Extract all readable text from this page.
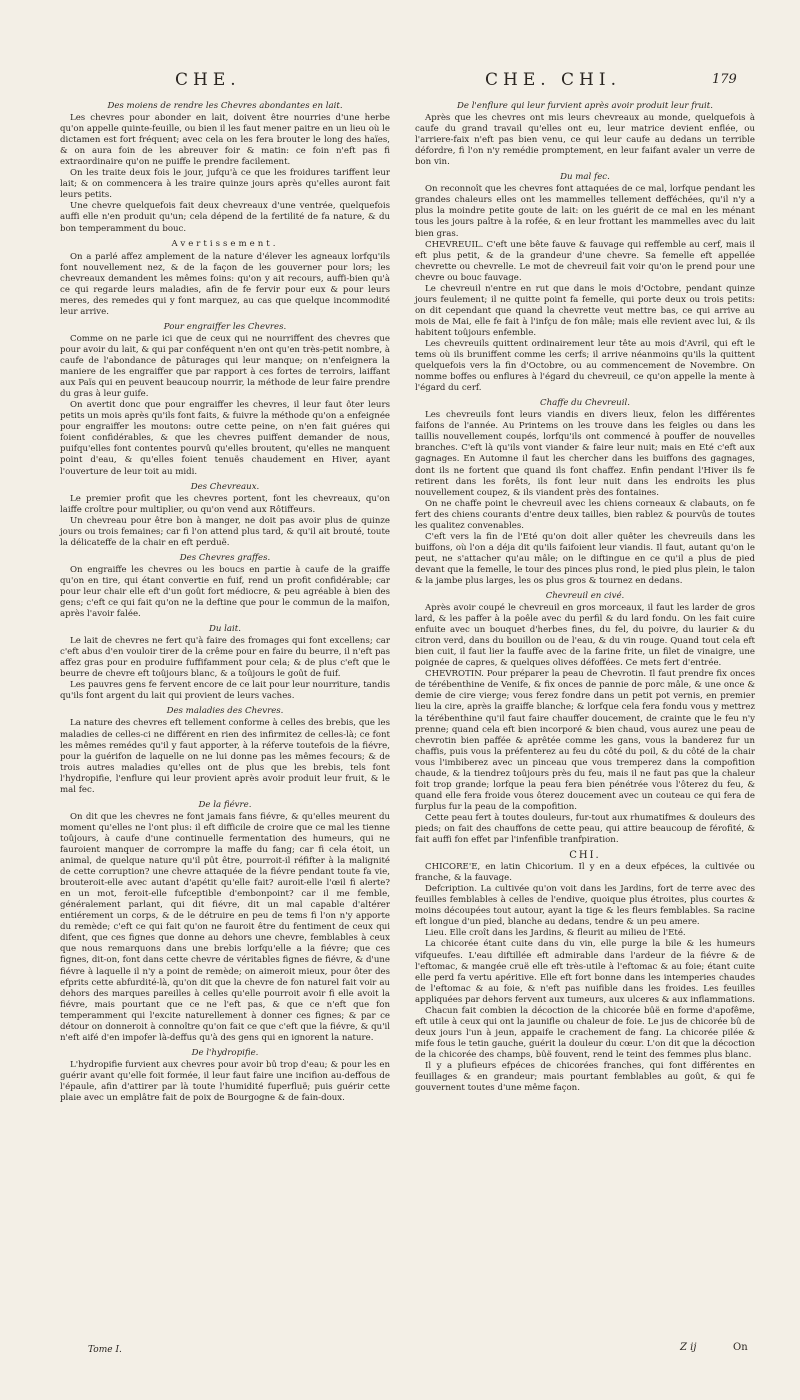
CHE.	CHE. CHI.	179

Des moiens de rendre les Chevres abondantes en lait.

Les chevres pour abonder en lait, doivent être nourries d'une herbe qu'on appelle quinte-feuille, ou bien il les faut mener paitre en un lieu où le dictamen est fort fréquent; avec cela on les fera brouter le long des haïes, & on aura foin de les abreuver foir & matin: ce foin n'eft pas fi extraordinaire qu'on ne puiffe le prendre facilement.

On les traite deux fois le jour, jufqu'à ce que les froidures tariffent leur lait; & on commencera à les traire quinze jours après qu'elles auront fait leurs petits.

Une chevre quelquefois fait deux chevreaux d'une ventrée, quelquefois auffi elle n'en produit qu'un; cela dépend de la fertilité de fa nature, & du bon temperamment du bouc.

Avertissement.

On a parlé affez amplement de la nature d'élever les agneaux lorfqu'ils font nouvellement nez, & de la façon de les gouverner pour lors; les chevreaux demandent les mêmes foins: qu'on y ait recours, auffi-bien qu'à ce qui regarde leurs maladies, afin de fe fervir pour eux & pour leurs meres, des remedes qui y font marquez, au cas que quelque incommodité leur arrive.

Pour engraiffer les Chevres.

Comme on ne parle ici que de ceux qui ne nourriffent des chevres que pour avoir du lait, & qui par conféquent n'en ont qu'en très-petit nombre, à caufe de l'abondance de pâturages qui leur manque; on n'enfeignera la maniere de les engraiffer que par rapport à ces fortes de terroirs, laiffant aux Païs qui en peuvent beaucoup nourrir, la méthode de leur faire prendre du gras à leur guife.

On avertit donc que pour engraiffer les chevres, il leur faut ôter leurs petits un mois après qu'ils font faits, & fuivre la méthode qu'on a enfeignée pour engraiffer les moutons: outre cette peine, on n'en fait guéres qui foient confidérables, & que les chevres puiffent demander de nous, puifqu'elles font contentes pourvû qu'elles broutent, qu'elles ne manquent point d'eau, & qu'elles foient tenuës chaudement en Hiver, ayant l'ouverture de leur toit au midi.

Des Chevreaux.

Le premier profit que les chevres portent, font les chevreaux, qu'on laiffe croître pour multiplier, ou qu'on vend aux Rôtiffeurs.

Un chevreau pour être bon à manger, ne doit pas avoir plus de quinze jours ou trois femaines; car fi l'on attend plus tard, & qu'il ait brouté, toute la délicateffe de la chair en eft perduë.

Des Chevres graffes.

On engraiffe les chevres ou les boucs en partie à caufe de la graiffe qu'on en tire, qui étant convertie en fuif, rend un profit confidérable; car pour leur chair elle eft d'un goût fort médiocre, & peu agréable à bien des gens; c'eft ce qui fait qu'on ne la deftine que pour le commun de la maifon, après l'avoir falée.

Du lait.

Le lait de chevres ne fert qu'à faire des fromages qui font excellens; car c'eft abus d'en vouloir tirer de la crême pour en faire du beurre, il n'eft pas affez gras pour en produire fuffifamment pour cela; & de plus c'eft que le beurre de chevre eft toûjours blanc, & a toûjours le goût de fuif.

Les pauvres gens fe fervent encore de ce lait pour leur nourriture, tandis qu'ils font argent du lait qui provient de leurs vaches.

Des maladies des Chevres.

La nature des chevres eft tellement conforme à celles des brebis, que les maladies de celles-ci ne différent en rien des infirmitez de celles-là; ce font les mêmes remédes qu'il y faut apporter, à la réferve toutefois de la fiévre, pour la guérifon de laquelle on ne lui donne pas les mêmes fecours; & de trois autres maladies qu'elles ont de plus que les brebis, tels font l'hydropifie, l'enflure qui leur provient après avoir produit leur fruit, & le mal fec.

De la fiévre.

On dit que les chevres ne font jamais fans fiévre, & qu'elles meurent du moment qu'elles ne l'ont plus: il eft difficile de croire que ce mal les tienne toûjours, à caufe d'une continuelle fermentation des humeurs, qui ne fauroient manquer de corrompre la maffe du fang; car fi cela étoit, un animal, de quelque nature qu'il pût être, pourroit-il réfifter à la malignité de cette corruption? une chevre attaquée de la fiévre pendant toute fa vie, brouteroit-elle avec autant d'apétit qu'elle fait? auroit-elle l'œil fi alerte? en un mot, feroit-elle fufceptible d'embonpoint? car il me femble, généralement parlant, qui dit fiévre, dit un mal capable d'altérer entiérement un corps, & de le détruire en peu de tems fi l'on n'y apporte du remède; c'eft ce qui fait qu'on ne fauroit être du fentiment de ceux qui difent, que ces fignes que donne au dehors une chevre, femblables à ceux que nous remarquons dans une brebis lorfqu'elle a la fiévre; que ces fignes, dit-on, font dans cette chevre de véritables fignes de fiévre, & d'une fiévre à laquelle il n'y a point de remède; on aimeroit mieux, pour ôter des efprits cette abfurdité-là, qu'on dit que la chevre de fon naturel fait voir au dehors des marques pareilles à celles qu'elle pourroit avoir fi elle avoit la fiévre, mais pourtant que ce ne l'eft pas, & que ce n'eft que fon temperamment qui l'excite naturellement à donner ces fignes; & par ce détour on donneroit à connoître qu'on fait ce que c'eft que la fiévre, & qu'il n'eft aifé d'en impofer là-deffus qu'à des gens qui en ignorent la nature.

De l'hydropifie.

L'hydropifie furvient aux chevres pour avoir bû trop d'eau; & pour les en guérir avant qu'elle foit formée, il leur faut faire une incifion au-deffous de l'épaule, afin d'attirer par là toute l'humidité fuperfluë; puis guérir cette plaie avec un emplâtre fait de poix de Bourgogne & de fain-doux.

De l'enflure qui leur furvient après avoir produit leur fruit.

Après que les chevres ont mis leurs chevreaux au monde, quelquefois à caufe du grand travail qu'elles ont eu, leur matrice devient enflée, ou l'arriere-faix n'eft pas bien venu, ce qui leur caufe au dedans un terrible défordre, fi l'on n'y remédie promptement, en leur faifant avaler un verre de bon vin.

Du mal fec.

On reconnoît que les chevres font attaquées de ce mal, lorfque pendant les grandes chaleurs elles ont les mammelles tellement defféchées, qu'il n'y a plus la moindre petite goute de lait: on les guérit de ce mal en les ménant tous les jours paître à la rofée, & en leur frottant les mammelles avec du lait bien gras.

CHEVREUIL. C'eft une bête fauve & fauvage qui reffemble au cerf, mais il eft plus petit, & de la grandeur d'une chevre. Sa femelle eft appellée chevrette ou chevrelle. Le mot de chevreuil fait voir qu'on le prend pour une chevre ou bouc fauvage.

Le chevreuil n'entre en rut que dans le mois d'Octobre, pendant quinze jours feulement; il ne quitte point fa femelle, qui porte deux ou trois petits: on dit cependant que quand la chevrette veut mettre bas, ce qui arrive au mois de Mai, elle fe fait à l'infçu de fon mâle; mais elle revient avec lui, & ils habitent toûjours enfemble.

Les chevreuils quittent ordinairement leur tête au mois d'Avril, qui eft le tems où ils bruniffent comme les cerfs; il arrive néanmoins qu'ils la quittent quelquefois vers la fin d'Octobre, ou au commencement de Novembre. On nomme boffes ou enflures à l'égard du chevreuil, ce qu'on appelle la mente à l'égard du cerf.

Chaffe du Chevreuil.

Les chevreuils font leurs viandis en divers lieux, felon les différentes faifons de l'année. Au Printems on les trouve dans les feigles ou dans les taillis nouvellement coupés, lorfqu'ils ont commencé à pouffer de nouvelles branches. C'eft là qu'ils vont viander & faire leur nuit; mais en Eté c'eft aux gagnages. En Automne il faut les chercher dans les buiffons des gagnages, dont ils ne fortent que quand ils font chaffez. Enfin pendant l'Hiver ils fe retirent dans les forêts, ils font leur nuit dans les endroits les plus nouvellement coupez, & ils viandent près des fontaines.

On ne chaffe point le chevreuil avec les chiens corneaux & clabauts, on fe fert des chiens courants d'entre deux tailles, bien rablez & pourvûs de toutes les qualitez convenables.

C'eft vers la fin de l'Eté qu'on doit aller quêter les chevreuils dans les buiffons, où l'on a déja dit qu'ils faifoient leur viandis. Il faut, autant qu'on le peut, ne s'attacher qu'au mâle; on le diftingue en ce qu'il a plus de pied devant que la femelle, le tour des pinces plus rond, le pied plus plein, le talon & la jambe plus larges, les os plus gros & tournez en dedans.

Chevreuil en civé.

Après avoir coupé le chevreuil en gros morceaux, il faut les larder de gros lard, & les paffer à la poêle avec du perfil & du lard fondu. On les fait cuire enfuite avec un bouquet d'herbes fines, du fel, du poivre, du laurier & du citron verd, dans du bouillon ou de l'eau, & du vin rouge. Quand tout cela eft bien cuit, il faut lier la fauffe avec de la farine frite, un filet de vinaigre, une poignée de capres, & quelques olives défoffées. Ce mets fert d'entrée.

CHEVROTIN. Pour préparer la peau de Chevrotin. Il faut prendre fix onces de térébenthine de Venife, & fix onces de pannie de porc mâle, & une once & demie de cire vierge; vous ferez fondre dans un petit pot vernis, en premier lieu la cire, après la graiffe blanche; & lorfque cela fera fondu vous y mettrez la térébenthine qu'il faut faire chauffer doucement, de crainte que le feu n'y prenne; quand cela eft bien incorporé & bien chaud, vous aurez une peau de chevrotin bien paffée & aprêtée comme les gans, vous la banderez fur un chaffis, puis vous la préfenterez au feu du côté du poil, & du côté de la chair vous l'imbiberez avec un pinceau que vous tremperez dans la compofition chaude, & la tiendrez toûjours près du feu, mais il ne faut pas que la chaleur foit trop grande; lorfque la peau fera bien pénétrée vous l'ôterez du feu, & quand elle fera froide vous ôterez doucement avec un couteau ce qui fera de furplus fur la peau de la compofition.

Cette peau fert à toutes douleurs, fur-tout aux rhumatifmes & douleurs des pieds; on fait des chauffons de cette peau, qui attire beaucoup de férofité, & fait auffi fon effet par l'infenfible tranfpiration.

CHI.

CHICORE'E, en latin Chicorium. Il y en a deux efpéces, la cultivée ou franche, & la fauvage.

Defcription. La cultivée qu'on voit dans les Jardins, fort de terre avec des feuilles femblables à celles de l'endive, quoique plus étroites, plus courtes & moins découpées tout autour, ayant la tige & les fleurs femblables. Sa racine eft longue d'un pied, blanche au dedans, tendre & un peu amere.

Lieu. Elle croît dans les Jardins, & fleurit au milieu de l'Eté.

La chicorée étant cuite dans du vin, elle purge la bile & les humeurs vifqueufes. L'eau diftillée eft admirable dans l'ardeur de la fiévre & de l'eftomac, & mangée cruë elle eft très-utile à l'eftomac & au foie; étant cuite elle perd fa vertu apéritive. Elle eft fort bonne dans les intemperies chaudes de l'eftomac & au foie, & n'eft pas nuifible dans les froides. Les feuilles appliquées par dehors fervent aux tumeurs, aux ulceres & aux inflammations.

Chacun fait combien la décoction de la chicorée bûë en forme d'apofême, eft utile à ceux qui ont la jaunifle ou chaleur de foie. Le jus de chicorée bû de deux jours l'un à jeun, appaife le crachement de fang. La chicorée pilée & mife fous le tetin gauche, guérit la douleur du cœur. L'on dit que la décoction de la chicorée des champs, bûë fouvent, rend le teint des femmes plus blanc.

Il y a plufieurs efpéces de chicorées franches, qui font différentes en feuillages & en grandeur; mais pourtant femblables au goût, & qui fe gouvernent toutes d'une même façon.

Tome I.	Z ij	On
